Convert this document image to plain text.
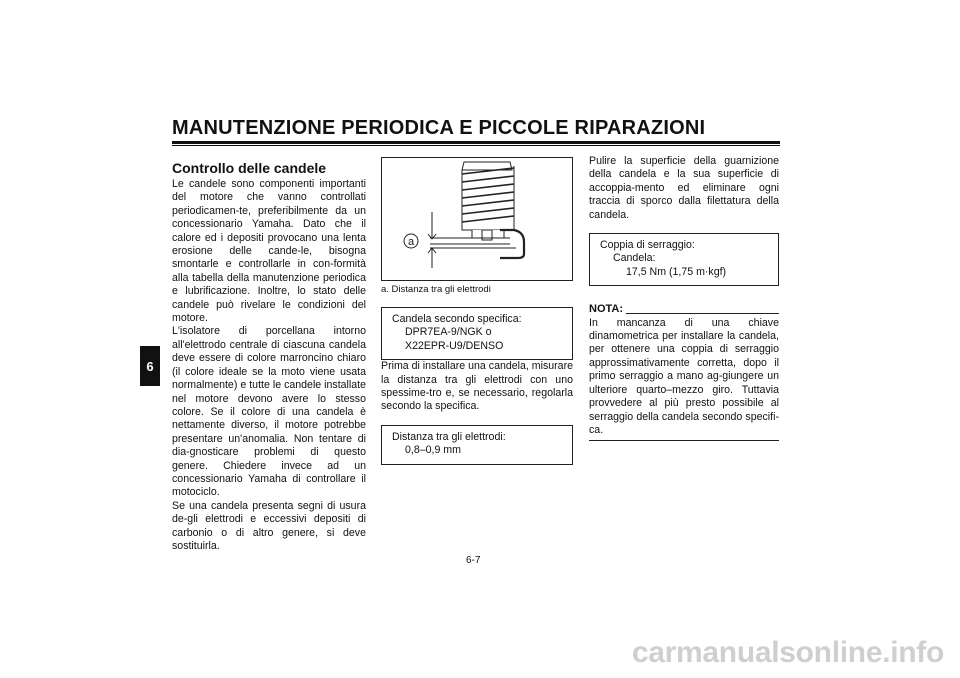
MANUTENZIONE PERIODICA E PICCOLE RIPARAZIONI
6
Controllo delle candele

Le candele sono componenti importanti del motore che vanno controllati periodicamen-te, preferibilmente da un concessionario Yamaha. Dato che il calore ed i depositi provocano una lenta erosione delle cande-le, bisogna smontarle e controllarle in con-formità alla tabella della manutenzione periodica e lubrificazione. Inoltre, lo stato delle candele può rivelare le condizioni del motore.

L'isolatore di porcellana intorno all'elettrodo centrale di ciascuna candela deve essere di colore marroncino chiaro (il colore ideale se la moto viene usata normalmente) e tutte le candele installate nel motore devono avere lo stesso colore. Se il colore di una candela è nettamente diverso, il motore potrebbe presentare un'anomalia. Non tentare di dia-gnosticare problemi di questo genere. Chiedere invece ad un concessionario Yamaha di controllare il motociclo.

Se una candela presenta segni di usura de-gli elettrodi e eccessivi depositi di carbonio o di altro genere, si deve sostituirla.

a
a. Distanza tra gli elettrodi
Candela secondo specifica:
DPR7EA-9/NGK o
X22EPR-U9/DENSO

Prima di installare una candela, misurare la distanza tra gli elettrodi con uno spessime-tro e, se necessario, regolarla secondo la specifica.

Distanza tra gli elettrodi:
0,8–0,9 mm

Pulire la superficie della guarnizione della candela e la sua superficie di accoppia-mento ed eliminare ogni traccia di sporco dalla filettatura della candela.

Coppia di serraggio:
Candela:
17,5 Nm (1,75 m·kgf)
NOTA:

In mancanza di una chiave dinamometrica per installare la candela, per ottenere una coppia di serraggio approssimativamente corretta, dopo il primo serraggio a mano ag-giungere un ulteriore quarto–mezzo giro. Tuttavia provvedere al più presto possibile al serraggio della candela secondo specifi-ca.

6-7
carmanualsonline.info
